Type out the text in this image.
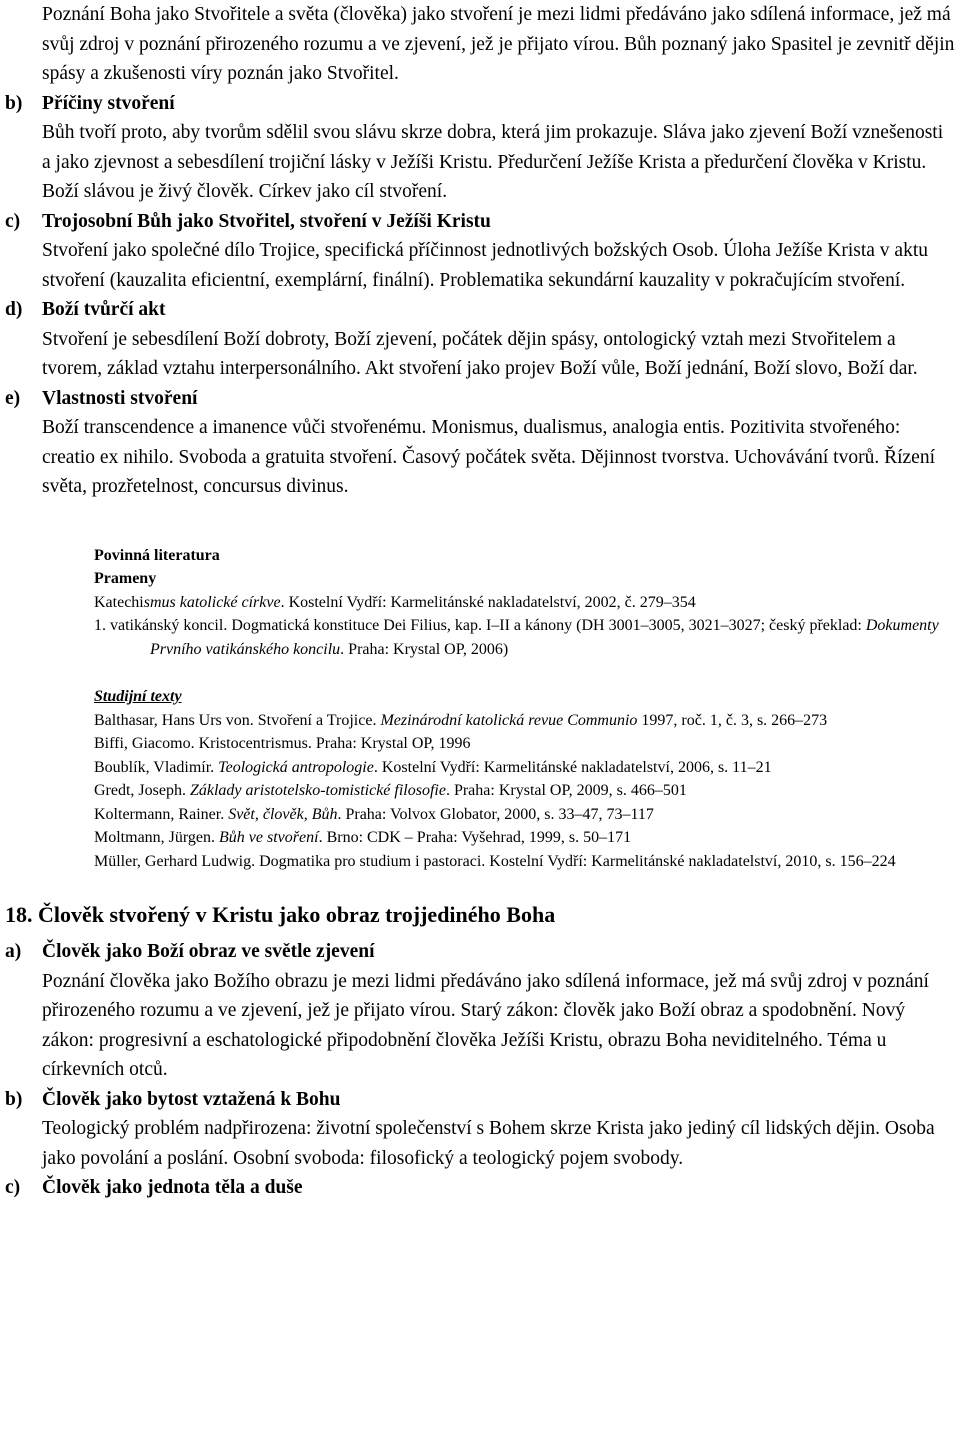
Poznání Boha jako Stvořitele a světa (člověka) jako stvoření je mezi lidmi předáváno jako sdílená informace, jež má svůj zdroj v poznání přirozeného rozumu a ve zjevení, jež je přijato vírou. Bůh poznaný jako Spasitel je zevnitř dějin spásy a zkušenosti víry poznán jako Stvořitel.
b)	Příčiny stvoření
Bůh tvoří proto, aby tvorům sdělil svou slávu skrze dobra, která jim prokazuje. Sláva jako zjevení Boží vznešenosti a jako zjevnost a sebesdílení trojiční lásky v Ježíši Kristu. Předurčení Ježíše Krista a předurčení člověka v Kristu. Boží slávou je živý člověk. Církev jako cíl stvoření.
c)	Trojosobní Bůh jako Stvořitel, stvoření v Ježíši Kristu
Stvoření jako společné dílo Trojice, specifická příčinnost jednotlivých božských Osob. Úloha Ježíše Krista v aktu stvoření (kauzalita eficientní, exemplární, finální). Problematika sekundární kauzality v pokračujícím stvoření.
d)	Boží tvůrčí akt
Stvoření je sebesdílení Boží dobroty, Boží zjevení, počátek dějin spásy, ontologický vztah mezi Stvořitelem a tvorem, základ vztahu interpersonálního. Akt stvoření jako projev Boží vůle, Boží jednání, Boží slovo, Boží dar.
e)	Vlastnosti stvoření
Boží transcendence a imanence vůči stvořenému. Monismus, dualismus, analogia entis. Pozitivita stvořeného: creatio ex nihilo. Svoboda a gratuita stvoření. Časový počátek světa. Dějinnost tvorstva. Uchovávání tvorů. Řízení světa, prozřetelnost, concursus divinus.
Povinná literatura
Prameny
Katechismus katolické církve. Kostelní Vydří: Karmelitánské nakladatelství, 2002, č. 279‒354
1. vatikánský koncil. Dogmatická konstituce Dei Filius, kap. I‒II a kánony (DH 3001‒3005, 3021‒3027; český překlad: Dokumenty Prvního vatikánského koncilu. Praha: Krystal OP, 2006)
Studijní texty
Balthasar, Hans Urs von. Stvoření a Trojice. Mezinárodní katolická revue Communio 1997, roč. 1, č. 3, s. 266‒273
Biffi, Giacomo. Kristocentrismus. Praha: Krystal OP, 1996
Boublík, Vladimír. Teologická antropologie. Kostelní Vydří: Karmelitánské nakladatelství, 2006, s. 11‒21
Gredt, Joseph. Základy aristotelsko-tomistické filosofie. Praha: Krystal OP, 2009, s. 466‒501
Koltermann, Rainer. Svět, člověk, Bůh. Praha: Volvox Globator, 2000, s. 33‒47, 73‒117
Moltmann, Jürgen. Bůh ve stvoření. Brno: CDK ‒ Praha: Vyšehrad, 1999, s. 50‒171
Müller, Gerhard Ludwig. Dogmatika pro studium i pastoraci. Kostelní Vydří: Karmelitánské nakladatelství, 2010, s. 156‒224
18. Člověk stvořený v Kristu jako obraz trojjediného Boha
a)	Člověk jako Boží obraz ve světle zjevení
Poznání člověka jako Božího obrazu je mezi lidmi předáváno jako sdílená informace, jež má svůj zdroj v poznání přirozeného rozumu a ve zjevení, jež je přijato vírou. Starý zákon: člověk jako Boží obraz a spodobnění. Nový zákon: progresivní a eschatologické připodobnění člověka Ježíši Kristu, obrazu Boha neviditelného. Téma u církevních otců.
b)	Člověk jako bytost vztažená k Bohu
Teologický problém nadpřirozena: životní společenství s Bohem skrze Krista jako jediný cíl lidských dějin. Osoba jako povolání a poslání. Osobní svoboda: filosofický a teologický pojem svobody.
c)	Člověk jako jednota těla a duše
